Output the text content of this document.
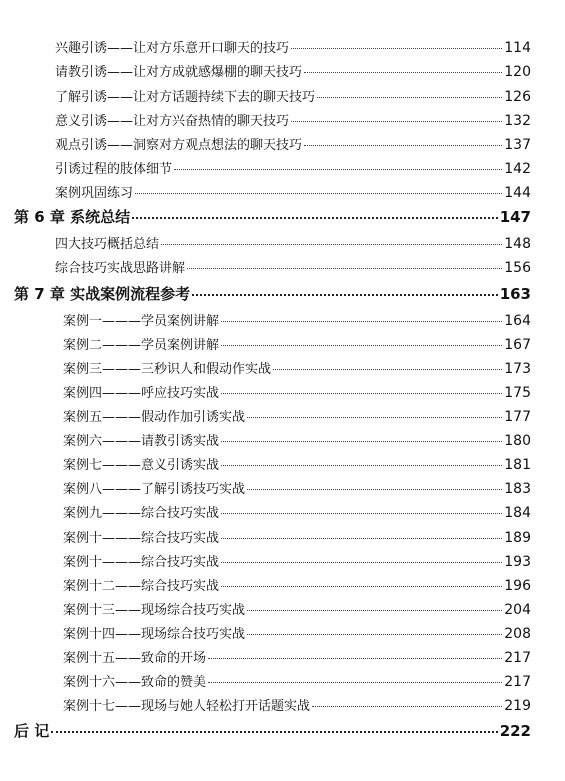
兴趣引诱——让对方乐意开口聊天的技巧	114
请教引诱——让对方成就感爆棚的聊天技巧	120
了解引诱——让对方话题持续下去的聊天技巧	126
意义引诱——让对方兴奋热情的聊天技巧	132
观点引诱——洞察对方观点想法的聊天技巧	137
引诱过程的肢体细节	142
案例巩固练习	144
第 6 章 系统总结	147
四大技巧概括总结	148
综合技巧实战思路讲解	156
第 7 章 实战案例流程参考	163
案例一———学员案例讲解	164
案例二———学员案例讲解	167
案例三———三秒识人和假动作实战	173
案例四———呼应技巧实战	175
案例五———假动作加引诱实战	177
案例六———请教引诱实战	180
案例七———意义引诱实战	181
案例八———了解引诱技巧实战	183
案例九———综合技巧实战	184
案例十———综合技巧实战	189
案例十———综合技巧实战	193
案例十二——综合技巧实战	196
案例十三——现场综合技巧实战	204
案例十四——现场综合技巧实战	208
案例十五——致命的开场	217
案例十六——致命的赞美	217
案例十七——现场与她人轻松打开话题实战	219
后 记	222
